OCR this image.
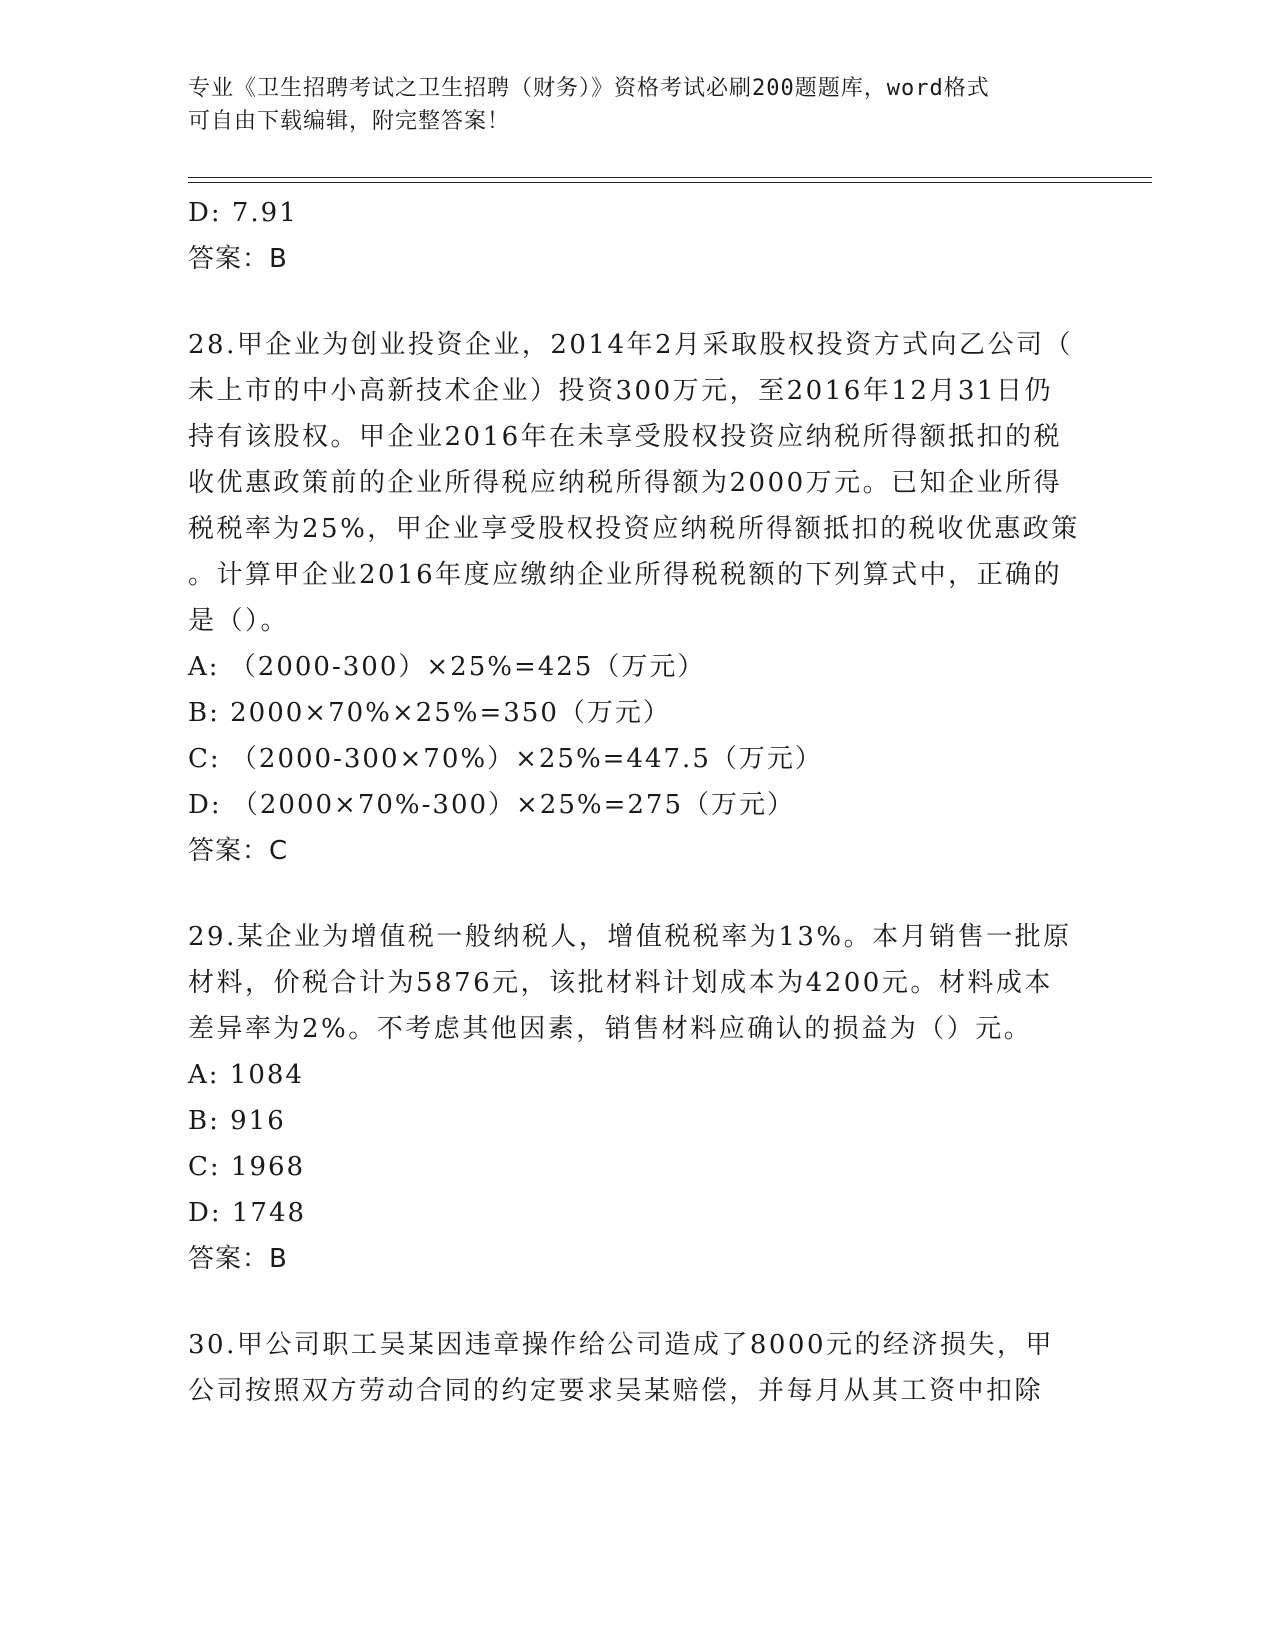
专业《卫生招聘考试之卫生招聘（财务）》资格考试必刷200题题库，word格式
可自由下载编辑，附完整答案！
D: 7.91
答案：B
28.甲企业为创业投资企业，2014年2月采取股权投资方式向乙公司（
未上市的中小高新技术企业）投资300万元，至2016年12月31日仍
持有该股权。甲企业2016年在未享受股权投资应纳税所得额抵扣的税
收优惠政策前的企业所得税应纳税所得额为2000万元。已知企业所得
税税率为25%，甲企业享受股权投资应纳税所得额抵扣的税收优惠政策
。计算甲企业2016年度应缴纳企业所得税税额的下列算式中，正确的
是（）。
A: （2000-300）×25%=425（万元）
B: 2000×70%×25%=350（万元）
C: （2000-300×70%）×25%=447.5（万元）
D: （2000×70%-300）×25%=275（万元）
答案：C
29.某企业为增值税一般纳税人，增值税税率为13%。本月销售一批原
材料，价税合计为5876元，该批材料计划成本为4200元。材料成本
差异率为2%。不考虑其他因素，销售材料应确认的损益为（）元。
A: 1084
B: 916
C: 1968
D: 1748
答案：B
30.甲公司职工吴某因违章操作给公司造成了8000元的经济损失，甲
公司按照双方劳动合同的约定要求吴某赔偿，并每月从其工资中扣除
